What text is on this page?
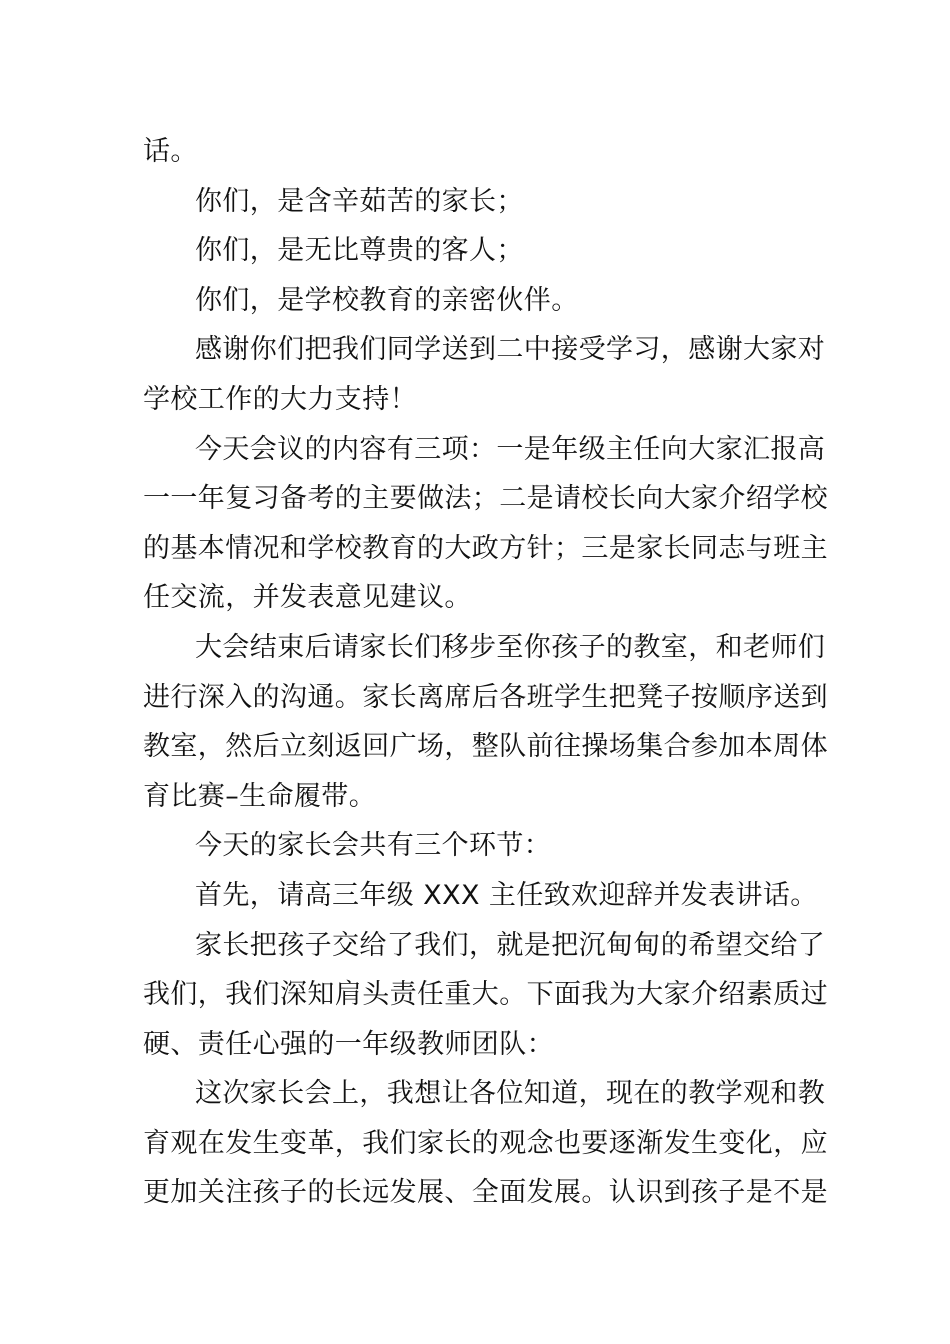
话。
你们，是含辛茹苦的家长；
你们，是无比尊贵的客人；
你们，是学校教育的亲密伙伴。
感谢你们把我们同学送到二中接受学习，感谢大家对
学校工作的大力支持！
今天会议的内容有三项：一是年级主任向大家汇报高
一一年复习备考的主要做法；二是请校长向大家介绍学校
的基本情况和学校教育的大政方针；三是家长同志与班主
任交流，并发表意见建议。
大会结束后请家长们移步至你孩子的教室，和老师们
进行深入的沟通。家长离席后各班学生把凳子按顺序送到
教室，然后立刻返回广场，整队前往操场集合参加本周体
育比赛–生命履带。
今天的家长会共有三个环节：
首先，请高三年级 XXX 主任致欢迎辞并发表讲话。
家长把孩子交给了我们，就是把沉甸甸的希望交给了
我们，我们深知肩头责任重大。下面我为大家介绍素质过
硬、责任心强的一年级教师团队：
这次家长会上，我想让各位知道，现在的教学观和教
育观在发生变革，我们家长的观念也要逐渐发生变化，应
更加关注孩子的长远发展、全面发展。认识到孩子是不是
